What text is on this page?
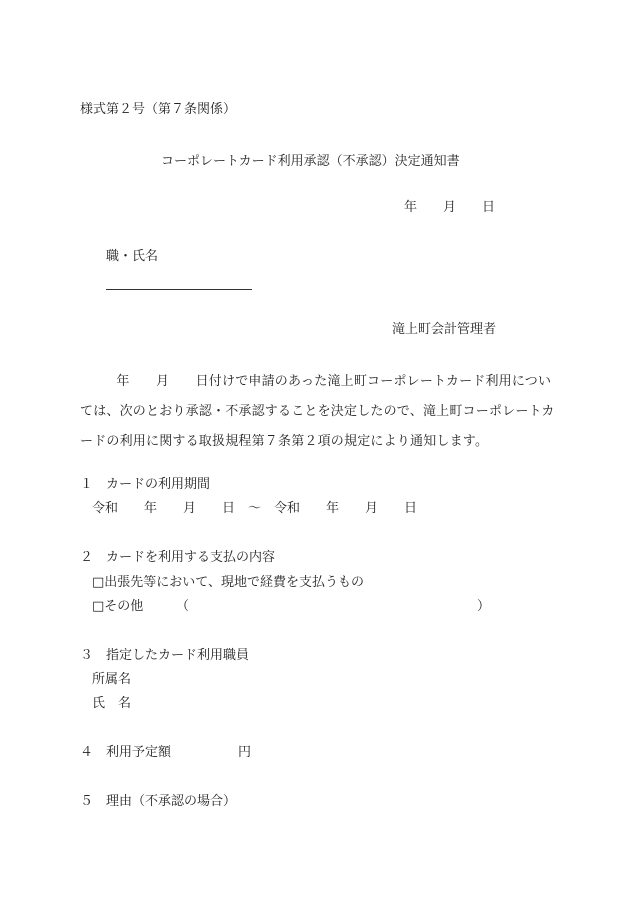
様式第２号（第７条関係）
コーポレートカード利用承認（不承認）決定通知書
年　　月　　日
職・氏名
滝上町会計管理者
年　　月　　日付けで申請のあった滝上町コーポレートカード利用については、次のとおり承認・不承認することを決定したので、滝上町コーポレートカードの利用に関する取扱規程第７条第２項の規定により通知します。
１　カードの利用期間
令和　　年　　月　　日　～　令和　　年　　月　　日
２　カードを利用する支払の内容
□出張先等において、現地で経費を支払うもの
□その他	（	）
３　指定したカード利用職員
所属名
氏　名
４　利用予定額	円
５　理由（不承認の場合）
